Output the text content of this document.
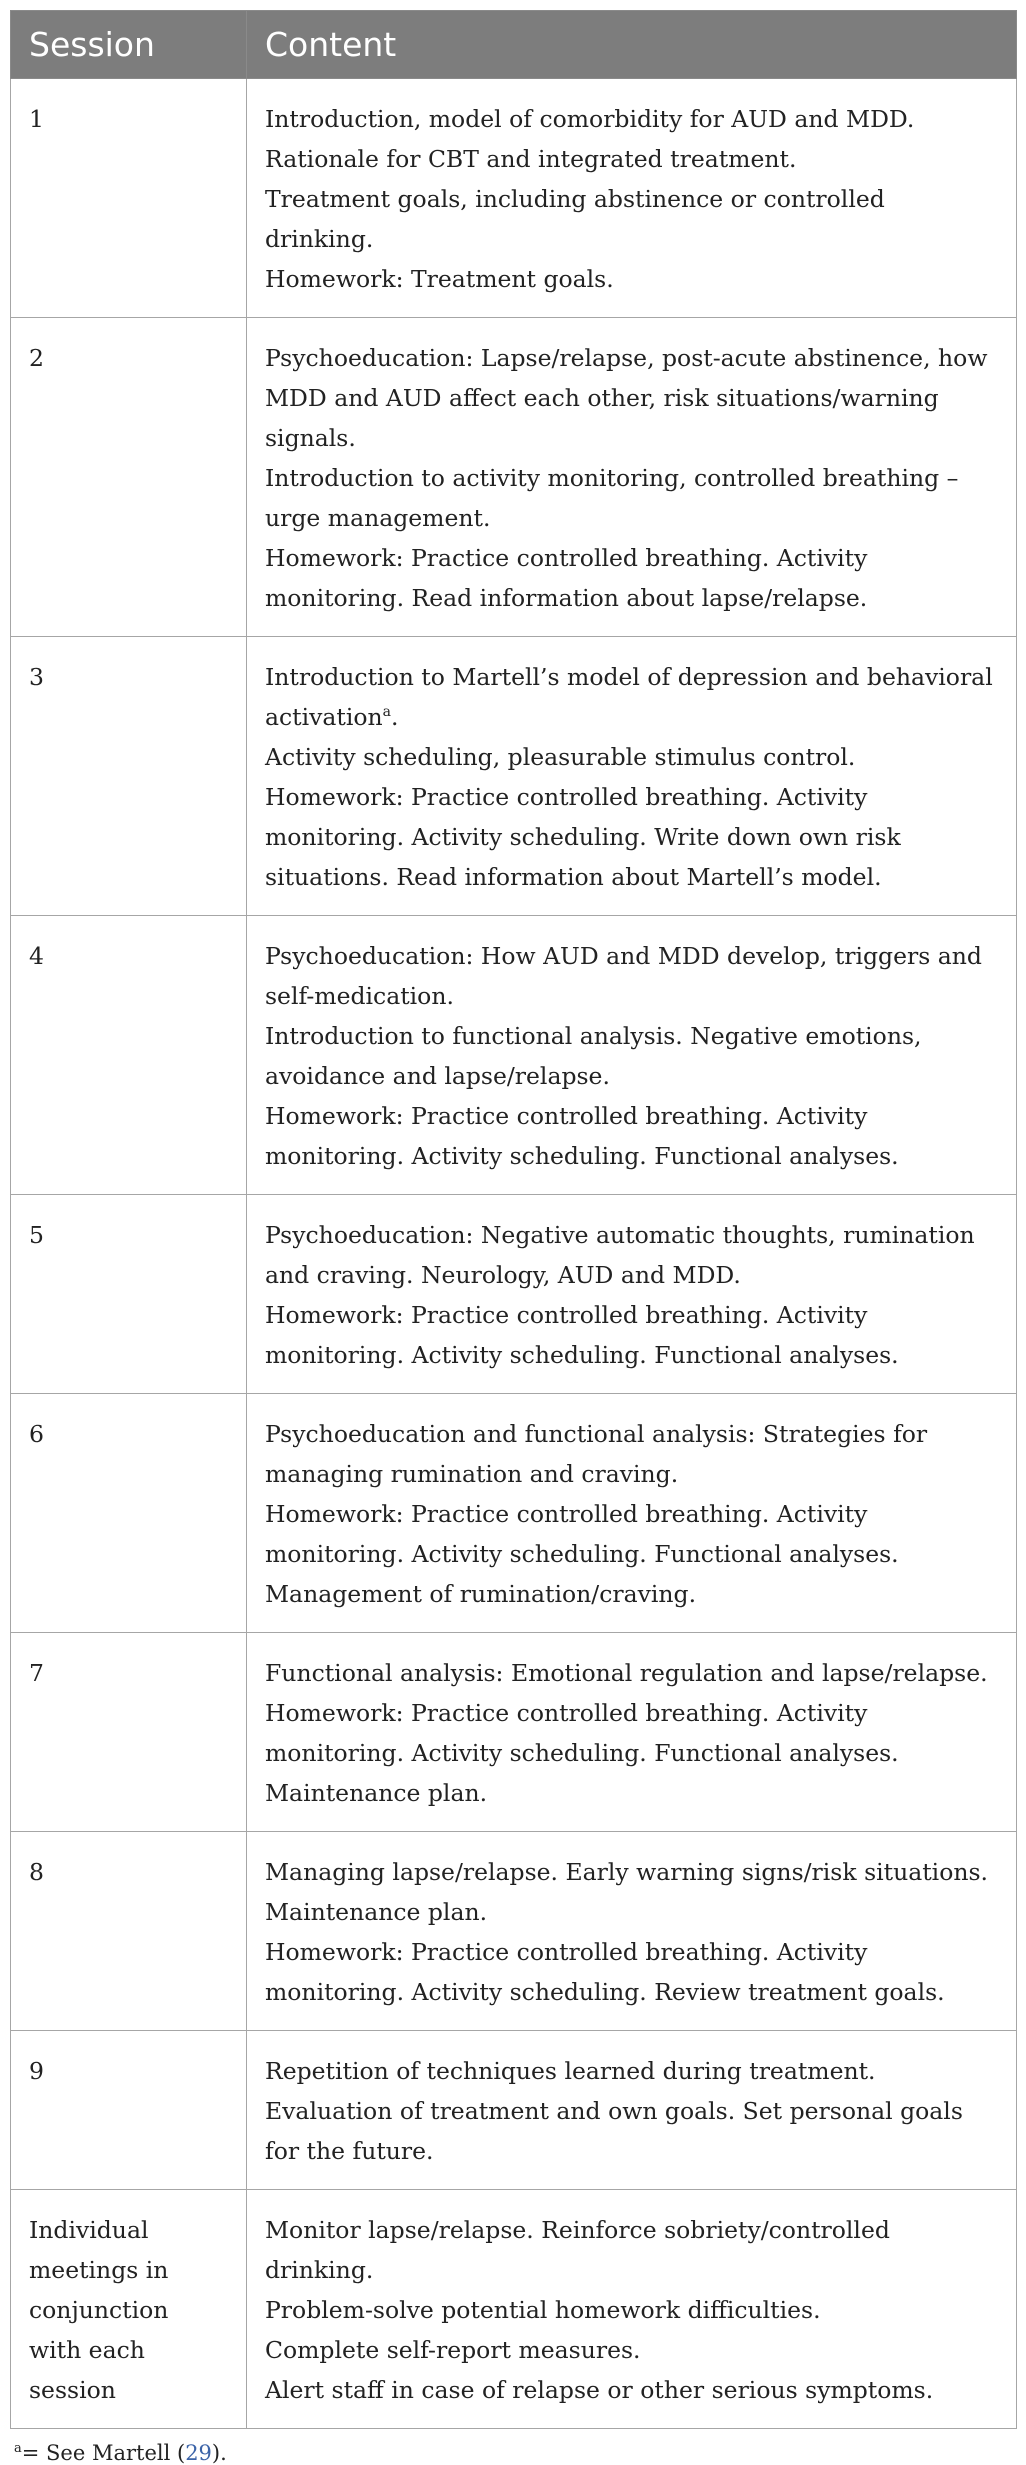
Session	Content
1	Introduction, model of comorbidity for AUD and MDD.
Rationale for CBT and integrated treatment.
Treatment goals, including abstinence or controlled drinking.
Homework: Treatment goals.

2	Psychoeducation: Lapse/relapse, post-acute abstinence, how MDD and AUD affect each other, risk situations/warning signals.
Introduction to activity monitoring, controlled breathing – urge management.
Homework: Practice controlled breathing. Activity monitoring. Read information about lapse/relapse.

3	Introduction to Martell’s model of depression and behavioral activation$^a$.
Activity scheduling, pleasurable stimulus control.
Homework: Practice controlled breathing. Activity monitoring. Activity scheduling. Write down own risk situations. Read information about Martell’s model.

4	Psychoeducation: How AUD and MDD develop, triggers and self-medication.
Introduction to functional analysis. Negative emotions, avoidance and lapse/relapse.
Homework: Practice controlled breathing. Activity monitoring. Activity scheduling. Functional analyses.

5	Psychoeducation: Negative automatic thoughts, rumination and craving. Neurology, AUD and MDD.
Homework: Practice controlled breathing. Activity monitoring. Activity scheduling. Functional analyses.

6	Psychoeducation and functional analysis: Strategies for managing rumination and craving.
Homework: Practice controlled breathing. Activity monitoring. Activity scheduling. Functional analyses. Management of rumination/craving.

7	Functional analysis: Emotional regulation and lapse/relapse.
Homework: Practice controlled breathing. Activity monitoring. Activity scheduling. Functional analyses. Maintenance plan.

8	Managing lapse/relapse. Early warning signs/risk situations. Maintenance plan.
Homework: Practice controlled breathing. Activity monitoring. Activity scheduling. Review treatment goals.

9	Repetition of techniques learned during treatment. Evaluation of treatment and own goals. Set personal goals for the future.

Individual meetings in conjunction with each session	Monitor lapse/relapse. Reinforce sobriety/controlled drinking.
Problem-solve potential homework difficulties.
Complete self-report measures.
Alert staff in case of relapse or other serious symptoms.
$^a$= See Martell (29).
